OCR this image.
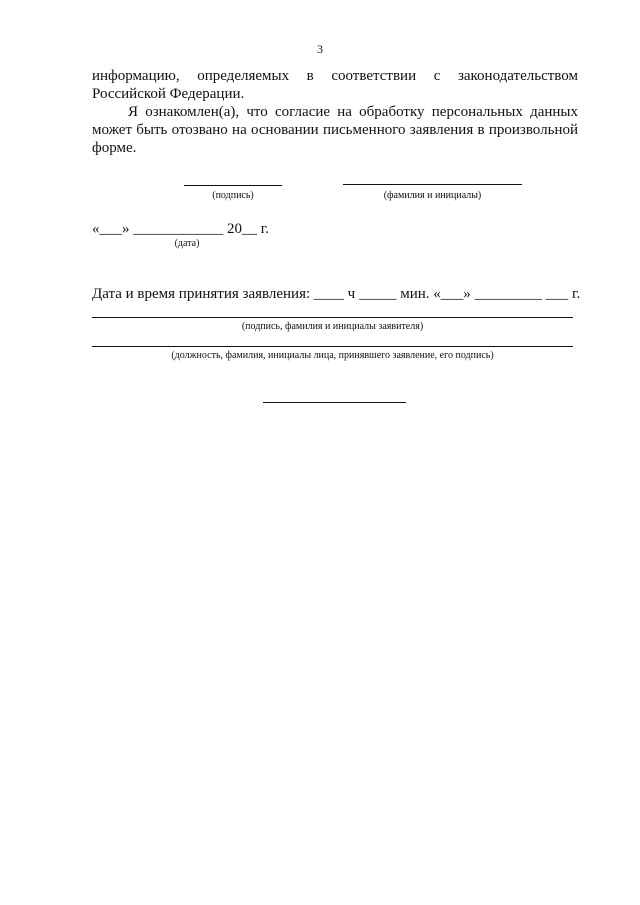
3
информацию, определяемых в соответствии с законодательством
Российской Федерации.
Я ознакомлен(а), что согласие на обработку персональных данных
может быть отозвано на основании письменного заявления в произвольной
форме.
(подпись)	(фамилия и инициалы)
«___» ____________ 20__ г.
(дата)
Дата и время принятия заявления: ____ ч _____ мин. «___» _________ ___ г.
(подпись, фамилия и инициалы заявителя)
(должность, фамилия, инициалы лица, принявшего заявление, его подпись)
